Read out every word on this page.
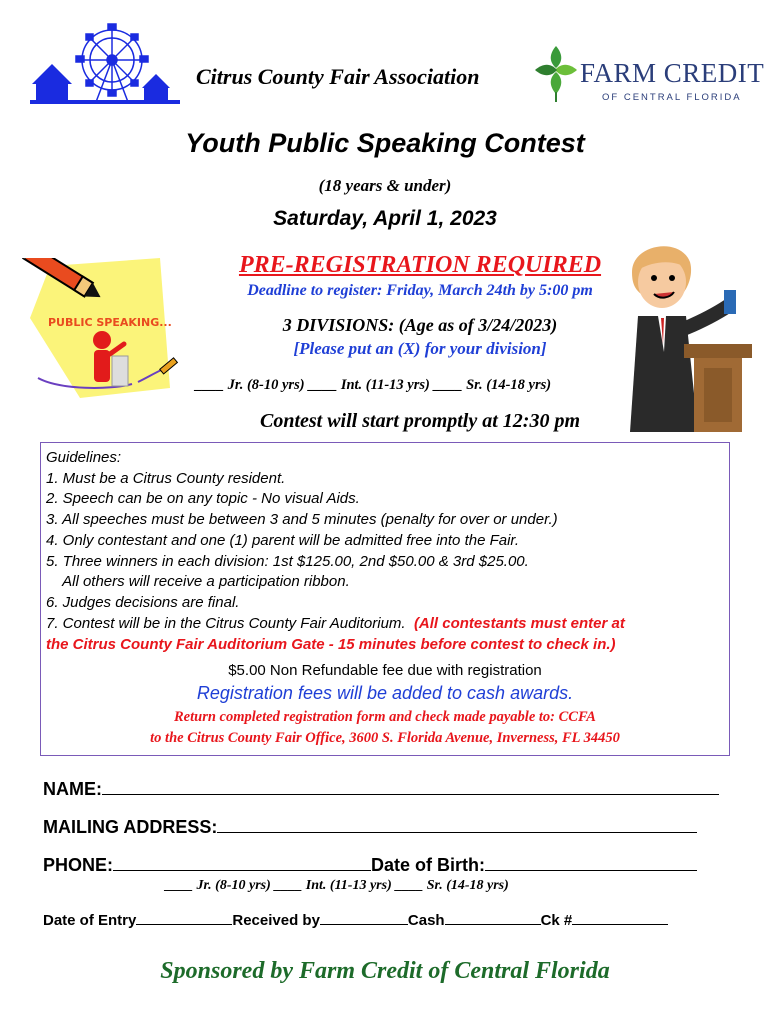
Citrus County Fair Association	FARM CREDIT
OF CENTRAL FLORIDA
Youth Public Speaking Contest
(18 years & under)
Saturday, April 1, 2023
PUBLIC SPEAKING...
PRE-REGISTRATION REQUIRED
Deadline to register: Friday, March 24th by 5:00 pm
3 DIVISIONS: (Age as of 3/24/2023)
[Please put an (X) for your division]
____ Jr. (8-10 yrs) ____ Int. (11-13 yrs) ____ Sr. (14-18 yrs)
Contest will start promptly at 12:30 pm
Guidelines:
1. Must be a Citrus County resident.
2. Speech can be on any topic - No visual Aids.
3. All speeches must be between 3 and 5 minutes (penalty for over or under.)
4. Only contestant and one (1) parent will be admitted free into the Fair.
5. Three winners in each division: 1st $125.00, 2nd $50.00 & 3rd $25.00.
All others will receive a participation ribbon.
6. Judges decisions are final.
7. Contest will be in the Citrus County Fair Auditorium.  (All contestants must enter at
the Citrus County Fair Auditorium Gate - 15 minutes before contest to check in.)
$5.00 Non Refundable fee due with registration
Registration fees will be added to cash awards.
Return completed registration form and check made payable to: CCFA
to the Citrus County Fair Office, 3600 S. Florida Avenue, Inverness, FL 34450
NAME:
MAILING ADDRESS:
PHONE:	Date of Birth:
____ Jr. (8-10 yrs) ____ Int. (11-13 yrs) ____ Sr. (14-18 yrs)
Date of Entry	Received by	Cash	Ck #
Sponsored by Farm Credit of Central Florida
